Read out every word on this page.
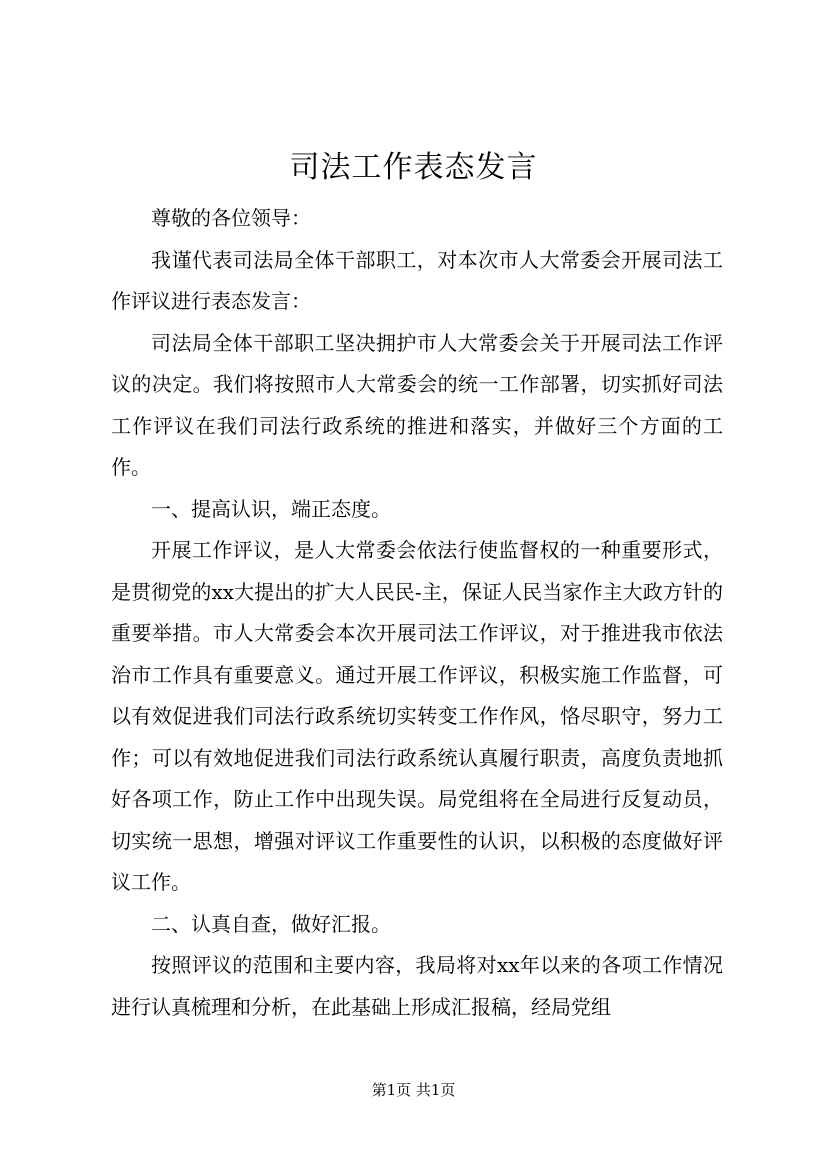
司法工作表态发言

尊敬的各位领导：

我谨代表司法局全体干部职工，对本次市人大常委会开展司法工作评议进行表态发言：

司法局全体干部职工坚决拥护市人大常委会关于开展司法工作评议的决定。我们将按照市人大常委会的统一工作部署，切实抓好司法工作评议在我们司法行政系统的推进和落实，并做好三个方面的工作。

一、提高认识，端正态度。

开展工作评议，是人大常委会依法行使监督权的一种重要形式，是贯彻党的xx大提出的扩大人民民-主，保证人民当家作主大政方针的重要举措。市人大常委会本次开展司法工作评议，对于推进我市依法治市工作具有重要意义。通过开展工作评议，积极实施工作监督，可以有效促进我们司法行政系统切实转变工作作风，恪尽职守，努力工作；可以有效地促进我们司法行政系统认真履行职责，高度负责地抓好各项工作，防止工作中出现失误。局党组将在全局进行反复动员，切实统一思想，增强对评议工作重要性的认识，以积极的态度做好评议工作。

二、认真自查，做好汇报。

按照评议的范围和主要内容，我局将对xx年以来的各项工作情况进行认真梳理和分析，在此基础上形成汇报稿，经局党组

第1页 共1页
